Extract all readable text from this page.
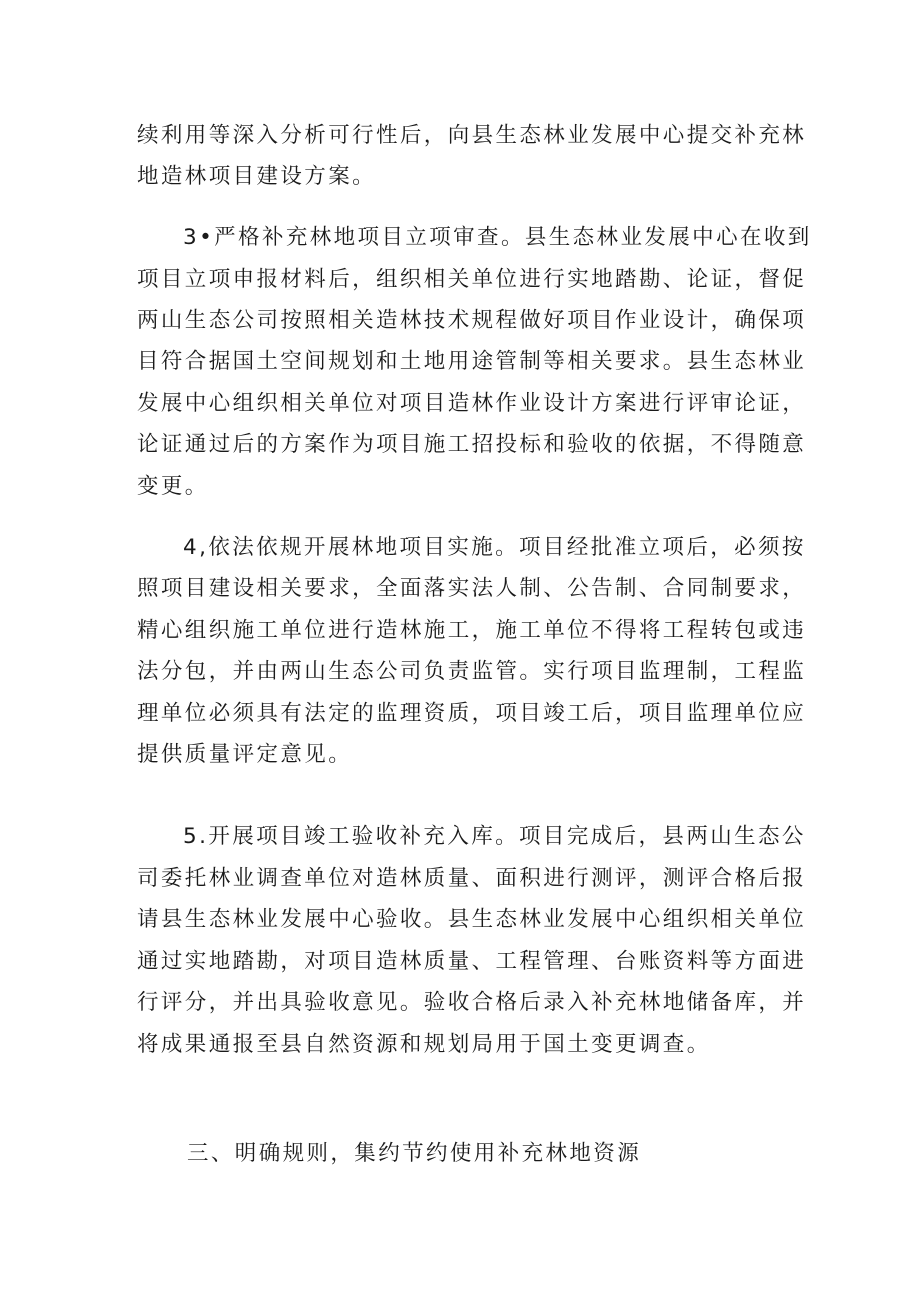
续利用等深入分析可行性后，向县生态林业发展中心提交补充林

地造林项目建设方案。

3•严格补充林地项目立项审查。县生态林业发展中心在收到

项目立项申报材料后，组织相关单位进行实地踏勘、论证，督促

两山生态公司按照相关造林技术规程做好项目作业设计，确保项

目符合据国土空间规划和土地用途管制等相关要求。县生态林业

发展中心组织相关单位对项目造林作业设计方案进行评审论证，

论证通过后的方案作为项目施工招投标和验收的依据，不得随意

变更。

4,依法依规开展林地项目实施。项目经批准立项后，必须按

照项目建设相关要求，全面落实法人制、公告制、合同制要求，

精心组织施工单位进行造林施工，施工单位不得将工程转包或违

法分包，并由两山生态公司负责监管。实行项目监理制，工程监

理单位必须具有法定的监理资质，项目竣工后，项目监理单位应

提供质量评定意见。

5.开展项目竣工验收补充入库。项目完成后，县两山生态公

司委托林业调查单位对造林质量、面积进行测评，测评合格后报

请县生态林业发展中心验收。县生态林业发展中心组织相关单位

通过实地踏勘，对项目造林质量、工程管理、台账资料等方面进

行评分，并出具验收意见。验收合格后录入补充林地储备库，并

将成果通报至县自然资源和规划局用于国土变更调查。

三、明确规则，集约节约使用补充林地资源
